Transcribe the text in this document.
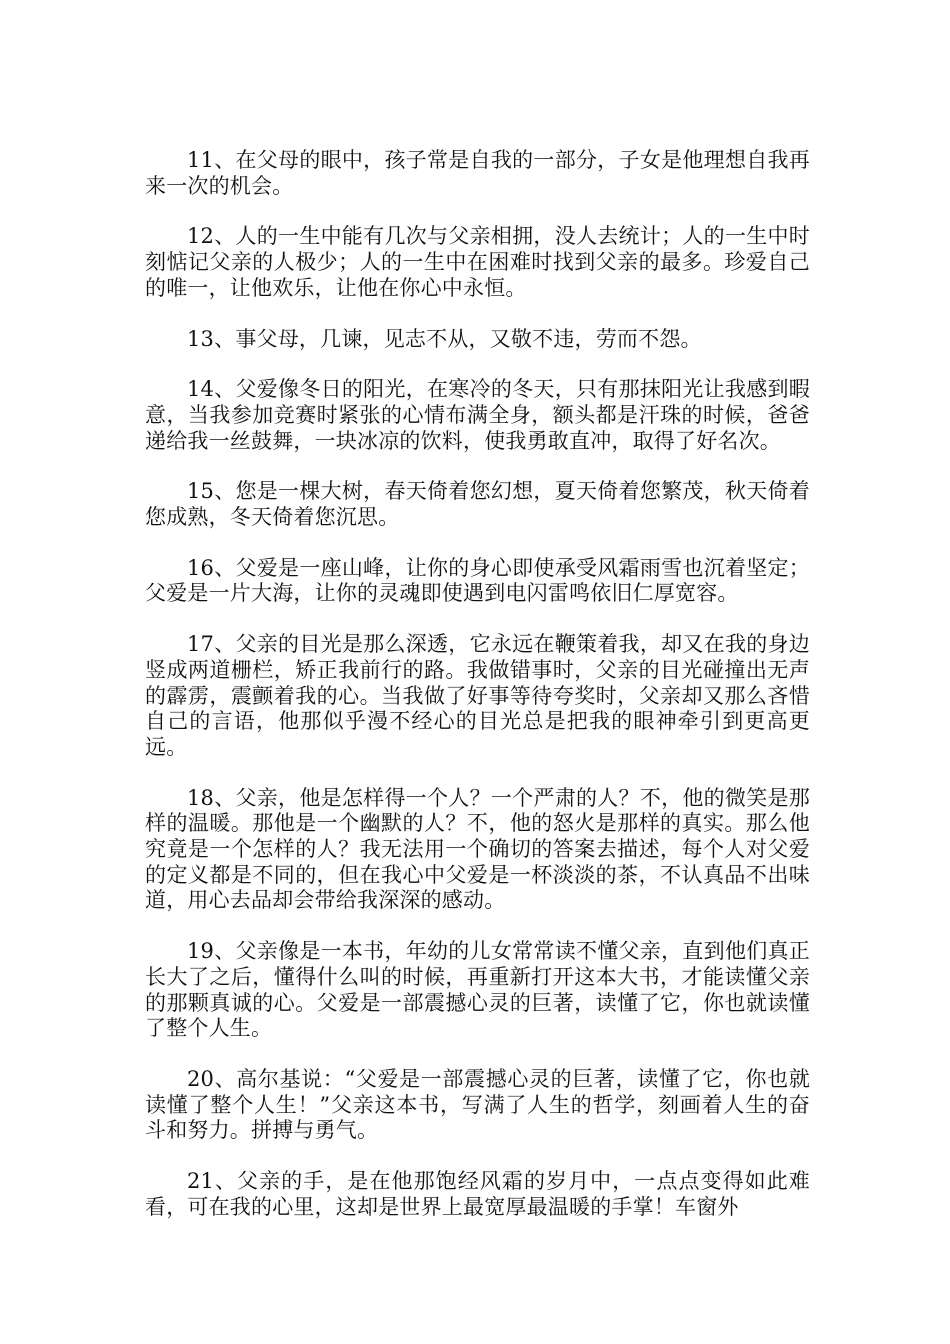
11、在父母的眼中，孩子常是自我的一部分，子女是他理想自我再来一次的机会。

12、人的一生中能有几次与父亲相拥，没人去统计；人的一生中时刻惦记父亲的人极少；人的一生中在困难时找到父亲的最多。珍爱自己的唯一，让他欢乐，让他在你心中永恒。

13、事父母，几谏，见志不从，又敬不违，劳而不怨。

14、父爱像冬日的阳光，在寒冷的冬天，只有那抹阳光让我感到暇意，当我参加竞赛时紧张的心情布满全身，额头都是汗珠的时候，爸爸递给我一丝鼓舞，一块冰凉的饮料，使我勇敢直冲，取得了好名次。

15、您是一棵大树，春天倚着您幻想，夏天倚着您繁茂，秋天倚着您成熟，冬天倚着您沉思。

16、父爱是一座山峰，让你的身心即使承受风霜雨雪也沉着坚定；父爱是一片大海，让你的灵魂即使遇到电闪雷鸣依旧仁厚宽容。

17、父亲的目光是那么深透，它永远在鞭策着我，却又在我的身边竖成两道栅栏，矫正我前行的路。我做错事时，父亲的目光碰撞出无声的霹雳，震颤着我的心。当我做了好事等待夸奖时，父亲却又那么吝惜自己的言语，他那似乎漫不经心的目光总是把我的眼神牵引到更高更远。

18、父亲，他是怎样得一个人？一个严肃的人？不，他的微笑是那样的温暖。那他是一个幽默的人？不，他的怒火是那样的真实。那么他究竟是一个怎样的人？我无法用一个确切的答案去描述，每个人对父爱的定义都是不同的，但在我心中父爱是一杯淡淡的茶，不认真品不出味道，用心去品却会带给我深深的感动。

19、父亲像是一本书，年幼的儿女常常读不懂父亲，直到他们真正长大了之后，懂得什么叫的时候，再重新打开这本大书，才能读懂父亲的那颗真诚的心。父爱是一部震撼心灵的巨著，读懂了它，你也就读懂了整个人生。

20、高尔基说：“父爱是一部震撼心灵的巨著，读懂了它，你也就读懂了整个人生！”父亲这本书，写满了人生的哲学，刻画着人生的奋斗和努力。拼搏与勇气。

21、父亲的手，是在他那饱经风霜的岁月中，一点点变得如此难看，可在我的心里，这却是世界上最宽厚最温暖的手掌！车窗外
